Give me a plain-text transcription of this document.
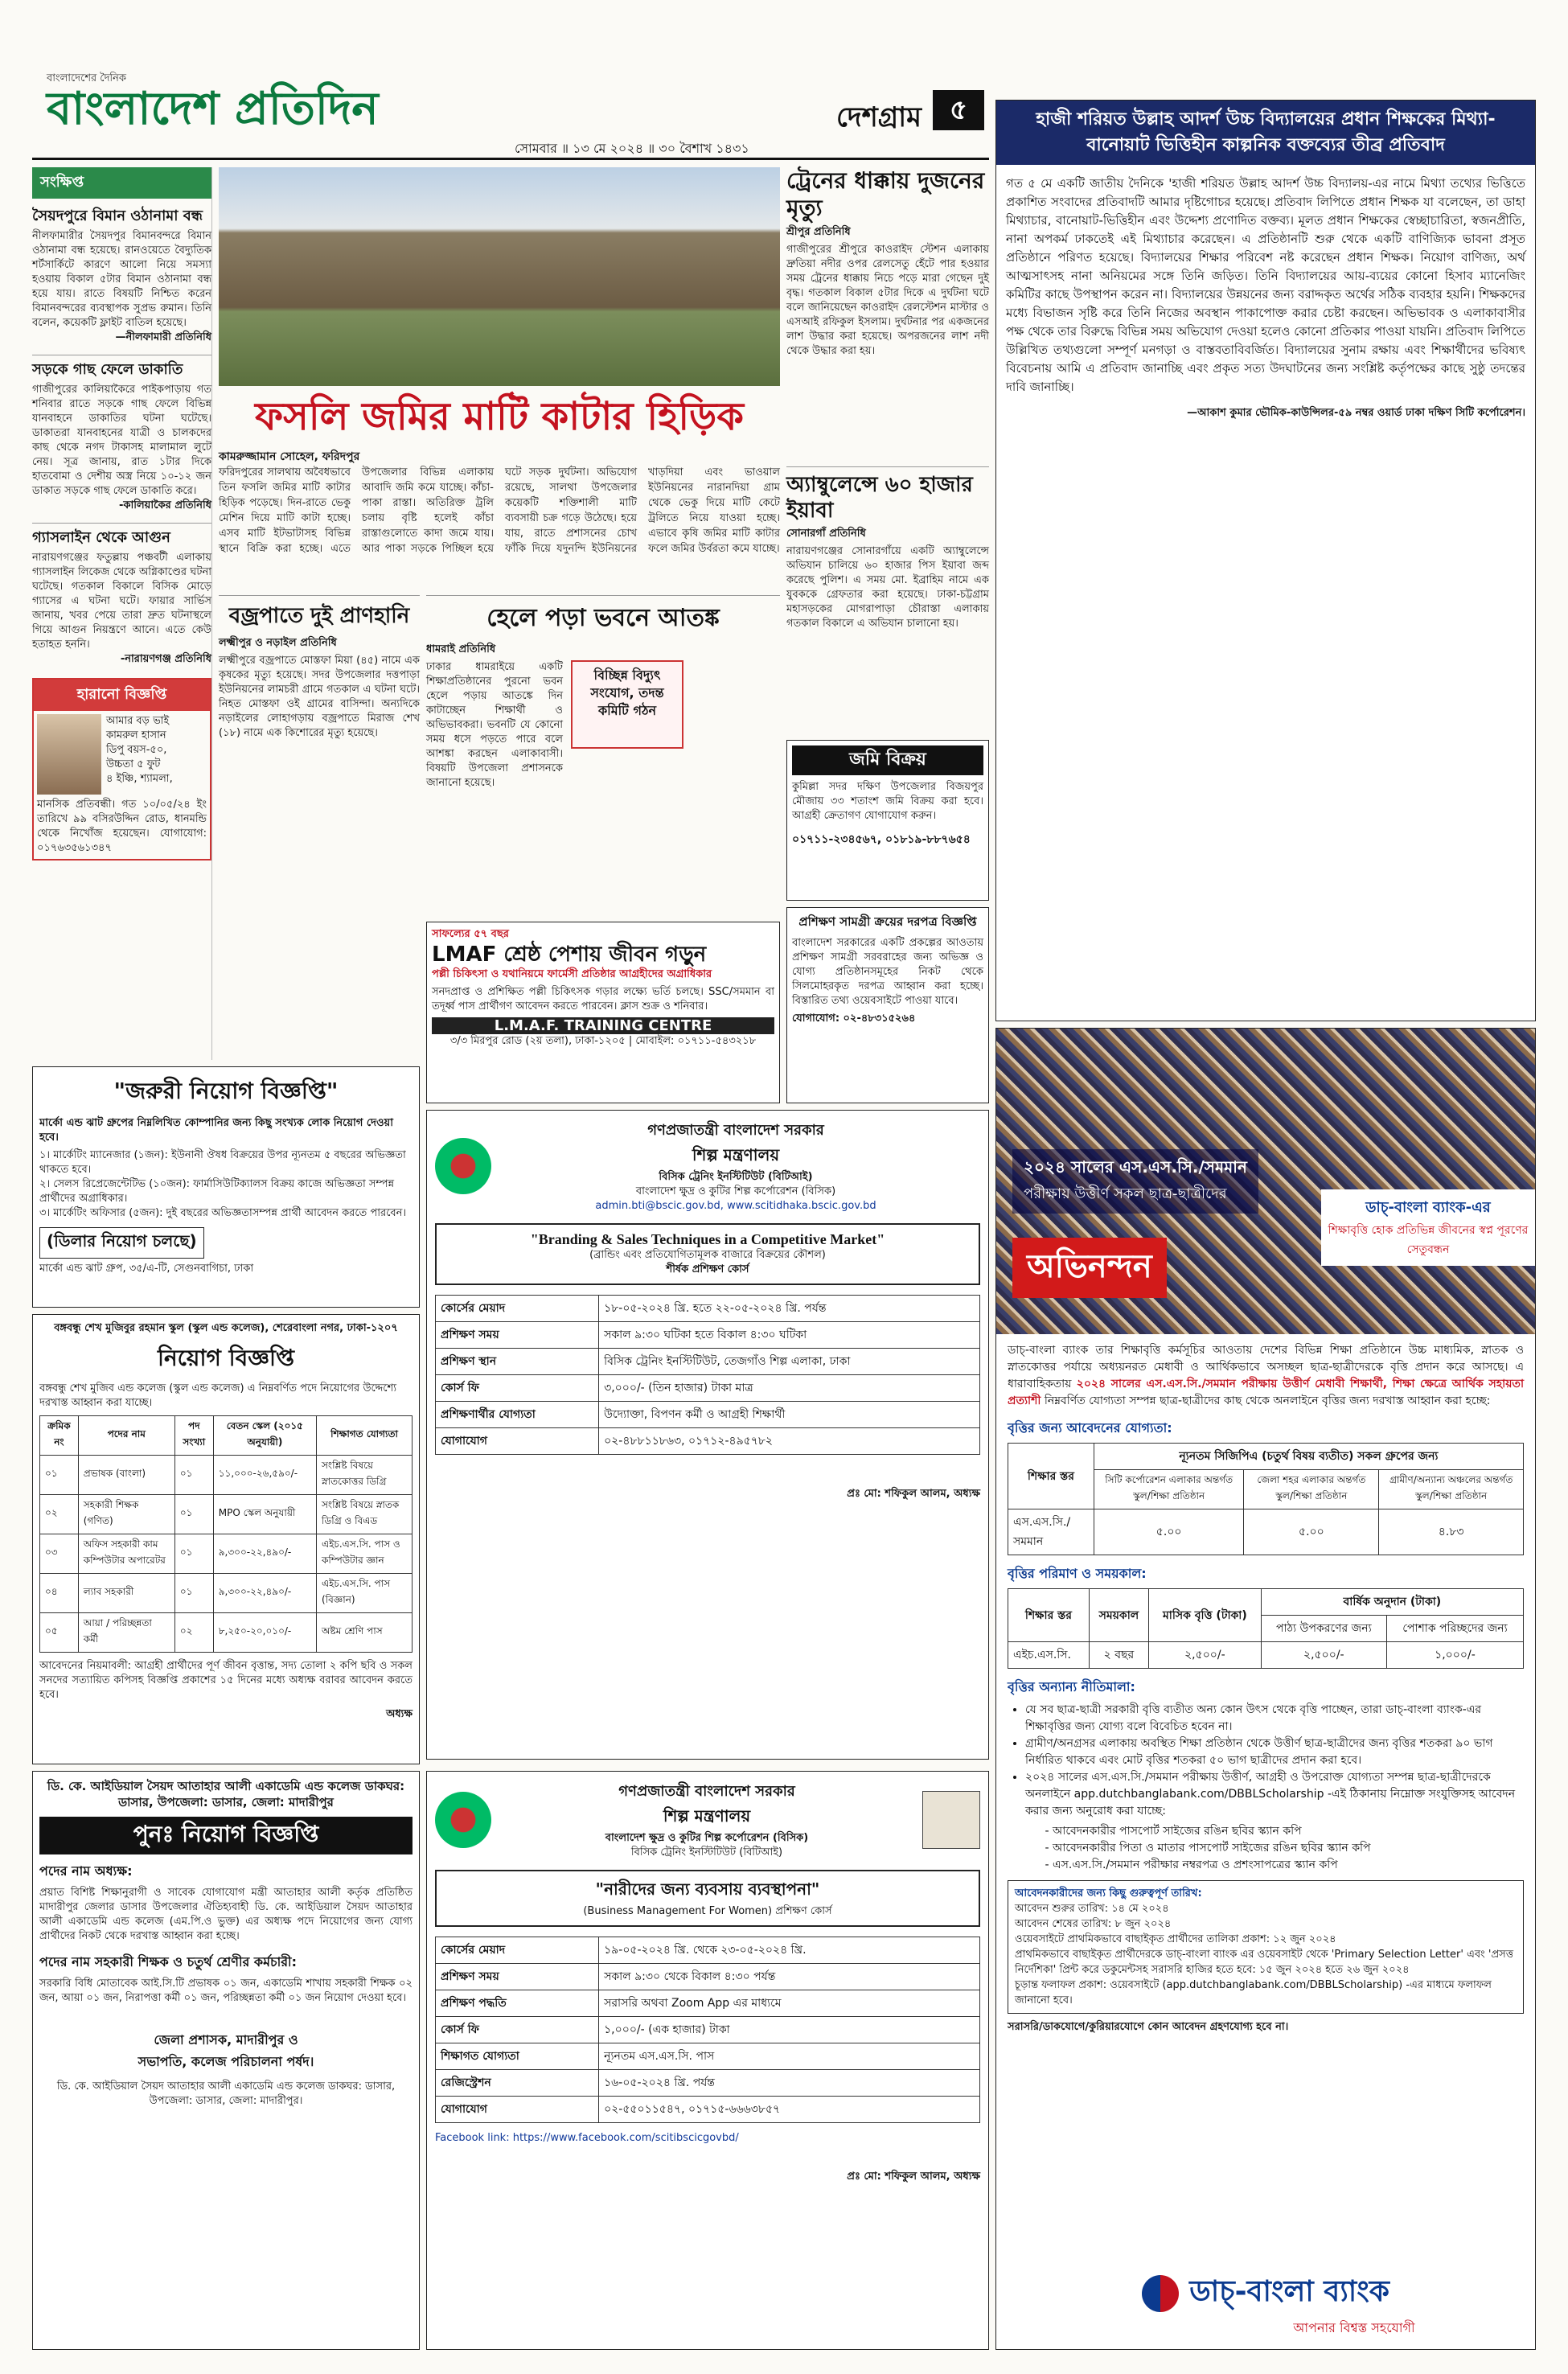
বাংলাদেশের দৈনিক
বাংলাদেশ প্রতিদিন	দেশগ্রাম	৫
সোমবার ॥ ১৩ মে ২০২৪ ॥ ৩০ বৈশাখ ১৪৩১
সংক্ষিপ্ত
সৈয়দপুরে বিমান ওঠানামা বন্ধ
নীলফামারীর সৈয়দপুর বিমানবন্দরে বিমান ওঠানামা বন্ধ হয়েছে। রানওয়েতে বৈদ্যুতিক শর্টসার্কিটে কারণে আলো নিয়ে সমস্যা হওয়ায় বিকাল ৫টার বিমান ওঠানামা বন্ধ হয়ে যায়। রাতে বিষয়টি নিশ্চিত করেন বিমানবন্দরের ব্যবস্থাপক সুপ্রভ রুমান। তিনি বলেন, কয়েকটি ফ্লাইট বাতিল হয়েছে।
—নীলফামারী প্রতিনিধি
সড়কে গাছ ফেলে ডাকাতি
গাজীপুরের কালিয়াকৈরে পাইকপাড়ায় গত শনিবার রাতে সড়কে গাছ ফেলে বিভিন্ন যানবাহনে ডাকাতির ঘটনা ঘটেছে। ডাকাতরা যানবাহনের যাত্রী ও চালকদের কাছ থেকে নগদ টাকাসহ মালামাল লুটে নেয়। সূত্র জানায়, রাত ১টার দিকে হাতবোমা ও দেশীয় অস্ত্র নিয়ে ১০-১২ জন ডাকাত সড়কে গাছ ফেলে ডাকাতি করে।
-কালিয়াকৈর প্রতিনিধি
গ্যাসলাইন থেকে আগুন
নারায়ণগঞ্জের ফতুল্লায় পঞ্চবটী এলাকায় গ্যাসলাইন লিকেজ থেকে অগ্নিকাণ্ডের ঘটনা ঘটেছে। গতকাল বিকালে বিসিক মোড়ে গ্যাসের এ ঘটনা ঘটে। ফায়ার সার্ভিস জানায়, খবর পেয়ে তারা দ্রুত ঘটনাস্থলে গিয়ে আগুন নিয়ন্ত্রণে আনে। এতে কেউ হতাহত হননি।
-নারায়ণগঞ্জ প্রতিনিধি
হারানো বিজ্ঞপ্তি
আমার বড় ভাই
কামরুল হাসান
ডিপু বয়স-৫০,
উচ্চতা ৫ ফুট
৪ ইঞ্চি, শ্যামলা,
মানসিক প্রতিবন্ধী। গত ১০/০৫/২৪ ইং তারিখে ৯৯ বসিরউদ্দিন রোড, ধানমন্ডি থেকে নিখোঁজ হয়েছেন। যোগাযোগ: ০১৭৬৩৫৬১৩৪৭
ফসলি জমির মাটি কাটার হিড়িক
কামরুজ্জামান সোহেল, ফরিদপুর
ফরিদপুরের সালথায় অবৈধভাবে তিন ফসলি জমির মাটি কাটার হিড়িক পড়েছে। দিন-রাতে ভেকু মেশিন দিয়ে মাটি কাটা হচ্ছে। এসব মাটি ইটভাটাসহ বিভিন্ন স্থানে বিক্রি করা হচ্ছে। এতে উপজেলার বিভিন্ন এলাকায় আবাদি জমি কমে যাচ্ছে। কাঁচা-পাকা রাস্তা। অতিরিক্ত ট্রলি চলায় বৃষ্টি হলেই কাঁচা রাস্তাগুলোতে কাদা জমে যায়। আর পাকা সড়কে পিচ্ছিল হয়ে ঘটে সড়ক দুর্ঘটনা। অভিযোগ রয়েছে, সালথা উপজেলার কয়েকটি শক্তিশালী মাটি ব্যবসায়ী চক্র গড়ে উঠেছে। হয়ে যায়, রাতে প্রশাসনের চোখ ফাঁকি দিয়ে যদুনন্দি ইউনিয়নের খাড়দিয়া এবং ভাওয়াল ইউনিয়নের নারানদিয়া গ্রাম থেকে ভেকু দিয়ে মাটি কেটে ট্রলিতে নিয়ে যাওয়া হচ্ছে। এভাবে কৃষি জমির মাটি কাটার ফলে জমির উর্বরতা কমে যাচ্ছে।
ট্রেনের ধাক্কায় দুজনের মৃত্যু
শ্রীপুর প্রতিনিধি
গাজীপুরের শ্রীপুরে কাওরাইদ স্টেশন এলাকায় দ্রুতিয়া নদীর ওপর রেলসেতু হেঁটে পার হওয়ার সময় ট্রেনের ধাক্কায় নিচে পড়ে মারা গেছেন দুই বৃদ্ধ। গতকাল বিকাল ৫টার দিকে এ দুর্ঘটনা ঘটে বলে জানিয়েছেন কাওরাইদ রেলস্টেশন মাস্টার ও এসআই রফিকুল ইসলাম। দুর্ঘটনার পর একজনের লাশ উদ্ধার করা হয়েছে। অপরজনের লাশ নদী থেকে উদ্ধার করা হয়।
অ্যাম্বুলেন্সে ৬০ হাজার ইয়াবা
সোনারগাঁ প্রতিনিধি
নারায়ণগঞ্জের সোনারগাঁয়ে একটি অ্যাম্বুলেন্সে অভিযান চালিয়ে ৬০ হাজার পিস ইয়াবা জব্দ করেছে পুলিশ। এ সময় মো. ইব্রাহিম নামে এক যুবককে গ্রেফতার করা হয়েছে। ঢাকা-চট্টগ্রাম মহাসড়কের মোগরাপাড়া চৌরাস্তা এলাকায় গতকাল বিকালে এ অভিযান চালানো হয়।
বজ্রপাতে দুই প্রাণহানি
লক্ষ্মীপুর ও নড়াইল প্রতিনিধি
লক্ষ্মীপুরে বজ্রপাতে মোস্তফা মিয়া (৪৫) নামে এক কৃষকের মৃত্যু হয়েছে। সদর উপজেলার দত্তপাড়া ইউনিয়নের লামচরী গ্রামে গতকাল এ ঘটনা ঘটে। নিহত মোস্তফা ওই গ্রামের বাসিন্দা। অন্যদিকে নড়াইলের লোহাগড়ায় বজ্রপাতে মিরাজ শেখ (১৮) নামে এক কিশোরের মৃত্যু হয়েছে।
হেলে পড়া ভবনে আতঙ্ক
ধামরাই প্রতিনিধি
ঢাকার ধামরাইয়ে একটি শিক্ষাপ্রতিষ্ঠানের পুরনো ভবন হেলে পড়ায় আতঙ্কে দিন কাটাচ্ছেন শিক্ষার্থী ও অভিভাবকরা। ভবনটি যে কোনো সময় ধসে পড়তে পারে বলে আশঙ্কা করছেন এলাকাবাসী। বিষয়টি উপজেলা প্রশাসনকে জানানো হয়েছে।
বিচ্ছিন্ন বিদ্যুৎ সংযোগ, তদন্ত কমিটি গঠন
জমি বিক্রয়
কুমিল্লা সদর দক্ষিণ উপজেলার বিজয়পুর মৌজায় ৩৩ শতাংশ জমি বিক্রয় করা হবে। আগ্রহী ক্রেতাগণ যোগাযোগ করুন।
০১৭১১-২৩৪৫৬৭, ০১৮১৯-৮৮৭৬৫৪
সাফল্যের ৫৭ বছর
LMAF শ্রেষ্ঠ পেশায় জীবন গড়ুন
পল্লী চিকিৎসা ও যথানিয়মে ফার্মেসী প্রতিষ্ঠার আগ্রহীদের অগ্রাধিকার
সনদপ্রাপ্ত ও প্রশিক্ষিত পল্লী চিকিৎসক গড়ার লক্ষ্যে ভর্তি চলছে। SSC/সমমান বা তদূর্ধ্ব পাস প্রার্থীগণ আবেদন করতে পারবেন। ক্লাস শুক্র ও শনিবার।
L.M.A.F. TRAINING CENTRE
৩/৩ মিরপুর রোড (২য় তলা), ঢাকা-১২০৫ | মোবাইল: ০১৭১১-৫৪৩২১৮
প্রশিক্ষণ সামগ্রী ক্রয়ের দরপত্র বিজ্ঞপ্তি
বাংলাদেশ সরকারের একটি প্রকল্পের আওতায় প্রশিক্ষণ সামগ্রী সরবরাহের জন্য অভিজ্ঞ ও যোগ্য প্রতিষ্ঠানসমূহের নিকট থেকে সিলমোহরকৃত দরপত্র আহ্বান করা হচ্ছে। বিস্তারিত তথ্য ওয়েবসাইটে পাওয়া যাবে।
যোগাযোগ: ০২-৪৮৩১৫২৬৪
"জরুরী নিয়োগ বিজ্ঞপ্তি"
মার্কো এন্ড ঝাট গ্রুপের নিম্নলিখিত কোম্পানির জন্য কিছু সংখ্যক লোক নিয়োগ দেওয়া হবে।
১। মার্কেটিং ম্যানেজার (১জন): ইউনানী ঔষধ বিক্রয়ের উপর ন্যূনতম ৫ বছরের অভিজ্ঞতা থাকতে হবে।
২। সেলস রিপ্রেজেন্টেটিভ (১০জন): ফার্মাসিউটিক্যালস বিক্রয় কাজে অভিজ্ঞতা সম্পন্ন প্রার্থীদের অগ্রাধিকার।
৩। মার্কেটিং অফিসার (৫জন): দুই বছরের অভিজ্ঞতাসম্পন্ন প্রার্থী আবেদন করতে পারবেন।
(ডিলার নিয়োগ চলছে)
মার্কো এন্ড ঝাট গ্রুপ, ৩৫/এ-টি, সেগুনবাগিচা, ঢাকা
বঙ্গবন্ধু শেখ মুজিবুর রহমান স্কুল (স্কুল এন্ড কলেজ), শেরেবাংলা নগর, ঢাকা-১২০৭
নিয়োগ বিজ্ঞপ্তি
বঙ্গবন্ধু শেখ মুজিব এন্ড কলেজ (স্কুল এন্ড কলেজ) এ নিম্নবর্ণিত পদে নিয়োগের উদ্দেশ্যে দরখাস্ত আহ্বান করা যাচ্ছে।
ক্রমিক নং	পদের নাম	পদ সংখ্যা	বেতন স্কেল (২০১৫ অনুযায়ী)	শিক্ষাগত যোগ্যতা
০১	প্রভাষক (বাংলা)	০১	১১,০০০-২৬,৫৯০/-	সংশ্লিষ্ট বিষয়ে স্নাতকোত্তর ডিগ্রি
০২	সহকারী শিক্ষক (গণিত)	০১	MPO স্কেল অনুযায়ী	সংশ্লিষ্ট বিষয়ে স্নাতক ডিগ্রি ও বিএড
০৩	অফিস সহকারী কাম কম্পিউটার অপারেটর	০১	৯,৩০০-২২,৪৯০/-	এইচ.এস.সি. পাস ও কম্পিউটার জ্ঞান
০৪	ল্যাব সহকারী	০১	৯,৩০০-২২,৪৯০/-	এইচ.এস.সি. পাস (বিজ্ঞান)
০৫	আয়া / পরিচ্ছন্নতা কর্মী	০২	৮,২৫০-২০,০১০/-	অষ্টম শ্রেণি পাস
আবেদনের নিয়মাবলী: আগ্রহী প্রার্থীদের পূর্ণ জীবন বৃত্তান্ত, সদ্য তোলা ২ কপি ছবি ও সকল সনদের সত্যায়িত কপিসহ বিজ্ঞপ্তি প্রকাশের ১৫ দিনের মধ্যে অধ্যক্ষ বরাবর আবেদন করতে হবে।
অধ্যক্ষ
ডি. কে. আইডিয়াল সৈয়দ আতাহার আলী একাডেমি এন্ড কলেজ ডাকঘর: ডাসার, উপজেলা: ডাসার, জেলা: মাদারীপুর
পুনঃ নিয়োগ বিজ্ঞপ্তি
পদের নাম অধ্যক্ষ:
প্রয়াত বিশিষ্ট শিক্ষানুরাগী ও সাবেক যোগাযোগ মন্ত্রী আতাহার আলী কর্তৃক প্রতিষ্ঠিত মাদারীপুর জেলার ডাসার উপজেলার ঐতিহ্যবাহী ডি. কে. আইডিয়াল সৈয়দ আতাহার আলী একাডেমি এন্ড কলেজ (এম.পি.ও ভুক্ত) এর অধ্যক্ষ পদে নিয়োগের জন্য যোগ্য প্রার্থীদের নিকট থেকে দরখাস্ত আহ্বান করা হচ্ছে।
পদের নাম সহকারী শিক্ষক ও চতুর্থ শ্রেণীর কর্মচারী:
সরকারি বিধি মোতাবেক আই.সি.টি প্রভাষক ০১ জন, একাডেমি শাখায় সহকারী শিক্ষক ০২ জন, আয়া ০১ জন, নিরাপত্তা কর্মী ০১ জন, পরিচ্ছন্নতা কর্মী ০১ জন নিয়োগ দেওয়া হবে।
জেলা প্রশাসক, মাদারীপুর ও
সভাপতি, কলেজ পরিচালনা পর্ষদ।
ডি. কে. আইডিয়াল সৈয়দ আতাহার আলী একাডেমি এন্ড কলেজ ডাকঘর: ডাসার, উপজেলা: ডাসার, জেলা: মাদারীপুর।
গণপ্রজাতন্ত্রী বাংলাদেশ সরকার
শিল্প মন্ত্রণালয়
বিসিক ট্রেনিং ইনস্টিটিউট (বিটিআই)
বাংলাদেশ ক্ষুদ্র ও কুটির শিল্প কর্পোরেশন (বিসিক)
admin.bti@bscic.gov.bd, www.scitidhaka.bscic.gov.bd
"Branding & Sales Techniques in a Competitive Market"
(ব্রান্ডিং এবং প্রতিযোগিতামূলক বাজারে বিক্রয়ের কৌশল)
শীর্ষক প্রশিক্ষণ কোর্স
কোর্সের মেয়াদ	১৮-০৫-২০২৪ খ্রি. হতে ২২-০৫-২০২৪ খ্রি. পর্যন্ত
প্রশিক্ষণ সময়	সকাল ৯:৩০ ঘটিকা হতে বিকাল ৪:৩০ ঘটিকা
প্রশিক্ষণ স্থান	বিসিক ট্রেনিং ইনস্টিটিউট, তেজগাঁও শিল্প এলাকা, ঢাকা
কোর্স ফি	৩,০০০/- (তিন হাজার) টাকা মাত্র
প্রশিক্ষণার্থীর যোগ্যতা	উদ্যোক্তা, বিপণন কর্মী ও আগ্রহী শিক্ষার্থী
যোগাযোগ	০২-৪৮৮১১৮৬৩, ০১৭১২-৪৯৫৭৮২
প্রঃ মো: শফিকুল আলম, অধ্যক্ষ
গণপ্রজাতন্ত্রী বাংলাদেশ সরকার
শিল্প মন্ত্রণালয়
বাংলাদেশ ক্ষুদ্র ও কুটির শিল্প কর্পোরেশন (বিসিক)
বিসিক ট্রেনিং ইনস্টিটিউট (বিটিআই)
"নারীদের জন্য ব্যবসায় ব্যবস্থাপনা"
(Business Management For Women) প্রশিক্ষণ কোর্স
কোর্সের মেয়াদ	১৯-০৫-২০২৪ খ্রি. থেকে ২৩-০৫-২০২৪ খ্রি.
প্রশিক্ষণ সময়	সকাল ৯:৩০ থেকে বিকাল ৪:৩০ পর্যন্ত
প্রশিক্ষণ পদ্ধতি	সরাসরি অথবা Zoom App এর মাধ্যমে
কোর্স ফি	১,০০০/- (এক হাজার) টাকা
শিক্ষাগত যোগ্যতা	ন্যূনতম এস.এস.সি. পাস
রেজিস্ট্রেশন	১৬-০৫-২০২৪ খ্রি. পর্যন্ত
যোগাযোগ	০২-৫৫০১১৫৪৭, ০১৭১৫-৬৬৬৩৮৫৭
Facebook link: https://www.facebook.com/scitibscicgovbd/
প্রঃ মো: শফিকুল আলম, অধ্যক্ষ
হাজী শরিয়ত উল্লাহ আদর্শ উচ্চ বিদ্যালয়ের প্রধান শিক্ষকের মিথ্যা-বানোয়াট ভিত্তিহীন কাল্পনিক বক্তব্যের তীব্র প্রতিবাদ
গত ৫ মে একটি জাতীয় দৈনিকে 'হাজী শরিয়ত উল্লাহ আদর্শ উচ্চ বিদ্যালয়-এর নামে মিথ্যা তথ্যের ভিত্তিতে প্রকাশিত সংবাদের প্রতিবাদটি আমার দৃষ্টিগোচর হয়েছে। প্রতিবাদ লিপিতে প্রধান শিক্ষক যা বলেছেন, তা ডাহা মিথ্যাচার, বানোয়াট-ভিত্তিহীন এবং উদ্দেশ্য প্রণোদিত বক্তব্য। মূলত প্রধান শিক্ষকের স্বেচ্ছাচারিতা, স্বজনপ্রীতি, নানা অপকর্ম ঢাকতেই এই মিথ্যাচার করেছেন। এ প্রতিষ্ঠানটি শুরু থেকে একটি বাণিজ্যিক ভাবনা প্রসূত প্রতিষ্ঠানে পরিণত হয়েছে। বিদ্যালয়ের শিক্ষার পরিবেশ নষ্ট করেছেন প্রধান শিক্ষক। নিয়োগ বাণিজ্য, অর্থ আত্মসাৎসহ নানা অনিয়মের সঙ্গে তিনি জড়িত। তিনি বিদ্যালয়ের আয়-ব্যয়ের কোনো হিসাব ম্যানেজিং কমিটির কাছে উপস্থাপন করেন না। বিদ্যালয়ের উন্নয়নের জন্য বরাদ্দকৃত অর্থের সঠিক ব্যবহার হয়নি। শিক্ষকদের মধ্যে বিভাজন সৃষ্টি করে তিনি নিজের অবস্থান পাকাপোক্ত করার চেষ্টা করছেন। অভিভাবক ও এলাকাবাসীর পক্ষ থেকে তার বিরুদ্ধে বিভিন্ন সময় অভিযোগ দেওয়া হলেও কোনো প্রতিকার পাওয়া যায়নি। প্রতিবাদ লিপিতে উল্লিখিত তথ্যগুলো সম্পূর্ণ মনগড়া ও বাস্তবতাবিবর্জিত। বিদ্যালয়ের সুনাম রক্ষায় এবং শিক্ষার্থীদের ভবিষ্যৎ বিবেচনায় আমি এ প্রতিবাদ জানাচ্ছি এবং প্রকৃত সত্য উদঘাটনের জন্য সংশ্লিষ্ট কর্তৃপক্ষের কাছে সুষ্ঠু তদন্তের দাবি জানাচ্ছি।
—আকাশ কুমার ভৌমিক-কাউন্সিলর-৫৯ নম্বর ওয়ার্ড ঢাকা দক্ষিণ সিটি কর্পোরেশন।
২০২৪ সালের এস.এস.সি./সমমান
পরীক্ষায় উত্তীর্ণ সকল ছাত্র-ছাত্রীদের
অভিনন্দন
ডাচ্-বাংলা ব্যাংক-এর
শিক্ষাবৃত্তি হোক প্রতিভিন্ন জীবনের স্বপ্ন পূরণের সেতুবন্ধন
ডাচ্-বাংলা ব্যাংক তার শিক্ষাবৃত্তি কর্মসূচির আওতায় দেশের বিভিন্ন শিক্ষা প্রতিষ্ঠানে উচ্চ মাধ্যমিক, স্নাতক ও স্নাতকোত্তর পর্যায়ে অধ্যয়নরত মেধাবী ও আর্থিকভাবে অসচ্ছল ছাত্র-ছাত্রীদেরকে বৃত্তি প্রদান করে আসছে। এ ধারাবাহিকতায় ২০২৪ সালের এস.এস.সি./সমমান পরীক্ষায় উত্তীর্ণ মেধাবী শিক্ষার্থী, শিক্ষা ক্ষেত্রে আর্থিক সহায়তা প্রত্যাশী নিম্নবর্ণিত যোগ্যতা সম্পন্ন ছাত্র-ছাত্রীদের কাছ থেকে অনলাইনে বৃত্তির জন্য দরখাস্ত আহ্বান করা হচ্ছে:
বৃত্তির জন্য আবেদনের যোগ্যতা:
শিক্ষার স্তর	ন্যূনতম সিজিপিএ (চতুর্থ বিষয় ব্যতীত) সকল গ্রুপের জন্য		
	সিটি কর্পোরেশন এলাকার অন্তর্গত স্কুল/শিক্ষা প্রতিষ্ঠান	জেলা শহর এলাকার অন্তর্গত স্কুল/শিক্ষা প্রতিষ্ঠান	গ্রামীণ/অন্যান্য অঞ্চলের অন্তর্গত স্কুল/শিক্ষা প্রতিষ্ঠান
এস.এস.সি./সমমান	৫.০০	৫.০০	৪.৮৩
বৃত্তির পরিমাণ ও সময়কাল:
শিক্ষার স্তর	সময়কাল	মাসিক বৃত্তি (টাকা)	বার্ষিক অনুদান (টাকা)	
			পাঠ্য উপকরণের জন্য	পোশাক পরিচ্ছদের জন্য
এইচ.এস.সি.	২ বছর	২,৫০০/-	২,৫০০/-	১,০০০/-
বৃত্তির অন্যান্য নীতিমালা:
• যে সব ছাত্র-ছাত্রী সরকারী বৃত্তি ব্যতীত অন্য কোন উৎস থেকে বৃত্তি পাচ্ছেন, তারা ডাচ্-বাংলা ব্যাংক-এর শিক্ষাবৃত্তির জন্য যোগ্য বলে বিবেচিত হবেন না।
• গ্রামীণ/অনগ্রসর এলাকায় অবস্থিত শিক্ষা প্রতিষ্ঠান থেকে উত্তীর্ণ ছাত্র-ছাত্রীদের জন্য বৃত্তির শতকরা ৯০ ভাগ নির্ধারিত থাকবে এবং মোট বৃত্তির শতকরা ৫০ ভাগ ছাত্রীদের প্রদান করা হবে।
• ২০২৪ সালের এস.এস.সি./সমমান পরীক্ষায় উত্তীর্ণ, আগ্রহী ও উপরোক্ত যোগ্যতা সম্পন্ন ছাত্র-ছাত্রীদেরকে অনলাইনে app.dutchbanglabank.com/DBBLScholarship -এই ঠিকানায় নিম্নোক্ত সংযুক্তিসহ আবেদন করার জন্য অনুরোধ করা যাচ্ছে:
- আবেদনকারীর পাসপোর্ট সাইজের রঙিন ছবির স্ক্যান কপি
- আবেদনকারীর পিতা ও মাতার পাসপোর্ট সাইজের রঙিন ছবির স্ক্যান কপি
- এস.এস.সি./সমমান পরীক্ষার নম্বরপত্র ও প্রশংসাপত্রের স্ক্যান কপি
আবেদনকারীদের জন্য কিছু গুরুত্বপূর্ণ তারিখ:
আবেদন শুরুর তারিখ: ১৪ মে ২০২৪
আবেদন শেষের তারিখ: ৮ জুন ২০২৪
ওয়েবসাইটে প্রাথমিকভাবে বাছাইকৃত প্রার্থীদের তালিকা প্রকাশ: ১২ জুন ২০২৪
প্রাথমিকভাবে বাছাইকৃত প্রার্থীদেরকে ডাচ্-বাংলা ব্যাংক এর ওয়েবসাইট থেকে 'Primary Selection Letter' এবং 'প্রসত্ত নির্দেশিকা' প্রিন্ট করে ডকুমেন্টসহ সরাসরি হাজির হতে হবে: ১৫ জুন ২০২৪ হতে ২৬ জুন ২০২৪
চূড়ান্ত ফলাফল প্রকাশ: ওয়েবসাইটে (app.dutchbanglabank.com/DBBLScholarship) -এর মাধ্যমে ফলাফল জানানো হবে।
সরাসরি/ডাকযোগে/কুরিয়ারযোগে কোন আবেদন গ্রহণযোগ্য হবে না।
ডাচ্-বাংলা ব্যাংক
আপনার বিশ্বস্ত সহযোগী
